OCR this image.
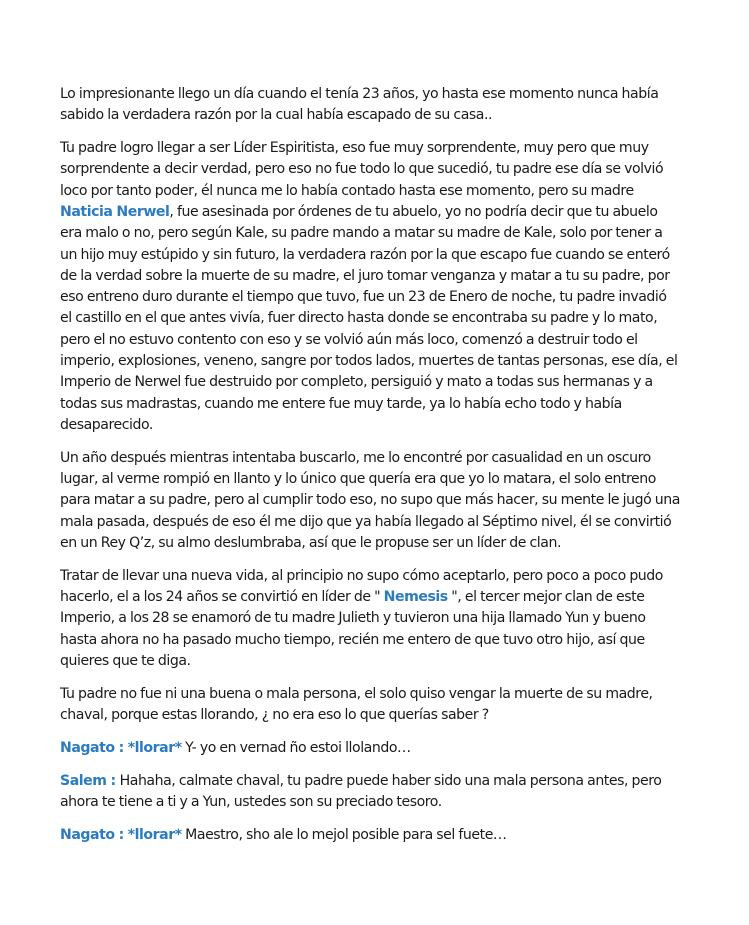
Lo impresionante llego un día cuando el tenía 23 años, yo hasta ese momento nunca había sabido la verdadera razón por la cual había escapado de su casa..

Tu padre logro llegar a ser Líder Espiritista, eso fue muy sorprendente, muy pero que muy sorprendente a decir verdad, pero eso no fue todo lo que sucedió, tu padre ese día se volvió loco por tanto poder, él nunca me lo había contado hasta ese momento, pero su madre Naticia Nerwel, fue asesinada por órdenes de tu abuelo, yo no podría decir que tu abuelo era malo o no, pero según Kale, su padre mando a matar su madre de Kale, solo por tener a un hijo muy estúpido y sin futuro, la verdadera razón por la que escapo fue cuando se enteró de la verdad sobre la muerte de su madre, el juro tomar venganza y matar a tu su padre, por eso entreno duro durante el tiempo que tuvo, fue un 23 de Enero de noche, tu padre invadió el castillo en el que antes vivía, fuer directo hasta donde se encontraba su padre y lo mato, pero el no estuvo contento con eso y se volvió aún más loco, comenzó a destruir todo el imperio, explosiones, veneno, sangre por todos lados, muertes de tantas personas, ese día, el Imperio de Nerwel fue destruido por completo, persiguió y mato a todas sus hermanas y a todas sus madrastas, cuando me entere fue muy tarde, ya lo había echo todo y había desaparecido.

Un año después mientras intentaba buscarlo, me lo encontré por casualidad en un oscuro lugar, al verme rompió en llanto y lo único que quería era que yo lo matara, el solo entreno para matar a su padre, pero al cumplir todo eso, no supo que más hacer, su mente le jugó una mala pasada, después de eso él me dijo que ya había llegado al Séptimo nivel, él se convirtió en un Rey Q’z, su almo deslumbraba, así que le propuse ser un líder de clan.

Tratar de llevar una nueva vida, al principio no supo cómo aceptarlo, pero poco a poco pudo hacerlo, el a los 24 años se convirtió en líder de " Nemesis ", el tercer mejor clan de este Imperio, a los 28 se enamoró de tu madre Julieth y tuvieron una hija llamado Yun y bueno hasta ahora no ha pasado mucho tiempo, recién me entero de que tuvo otro hijo, así que quieres que te diga.

Tu padre no fue ni una buena o mala persona, el solo quiso vengar la muerte de su madre, chaval, porque estas llorando, ¿ no era eso lo que querías saber ?

Nagato : *llorar* Y- yo en vernad ño estoi llolando…

Salem : Hahaha, calmate chaval, tu padre puede haber sido una mala persona antes, pero ahora te tiene a ti y a Yun, ustedes son su preciado tesoro.

Nagato : *llorar* Maestro, sho ale lo mejol posible para sel fuete…
